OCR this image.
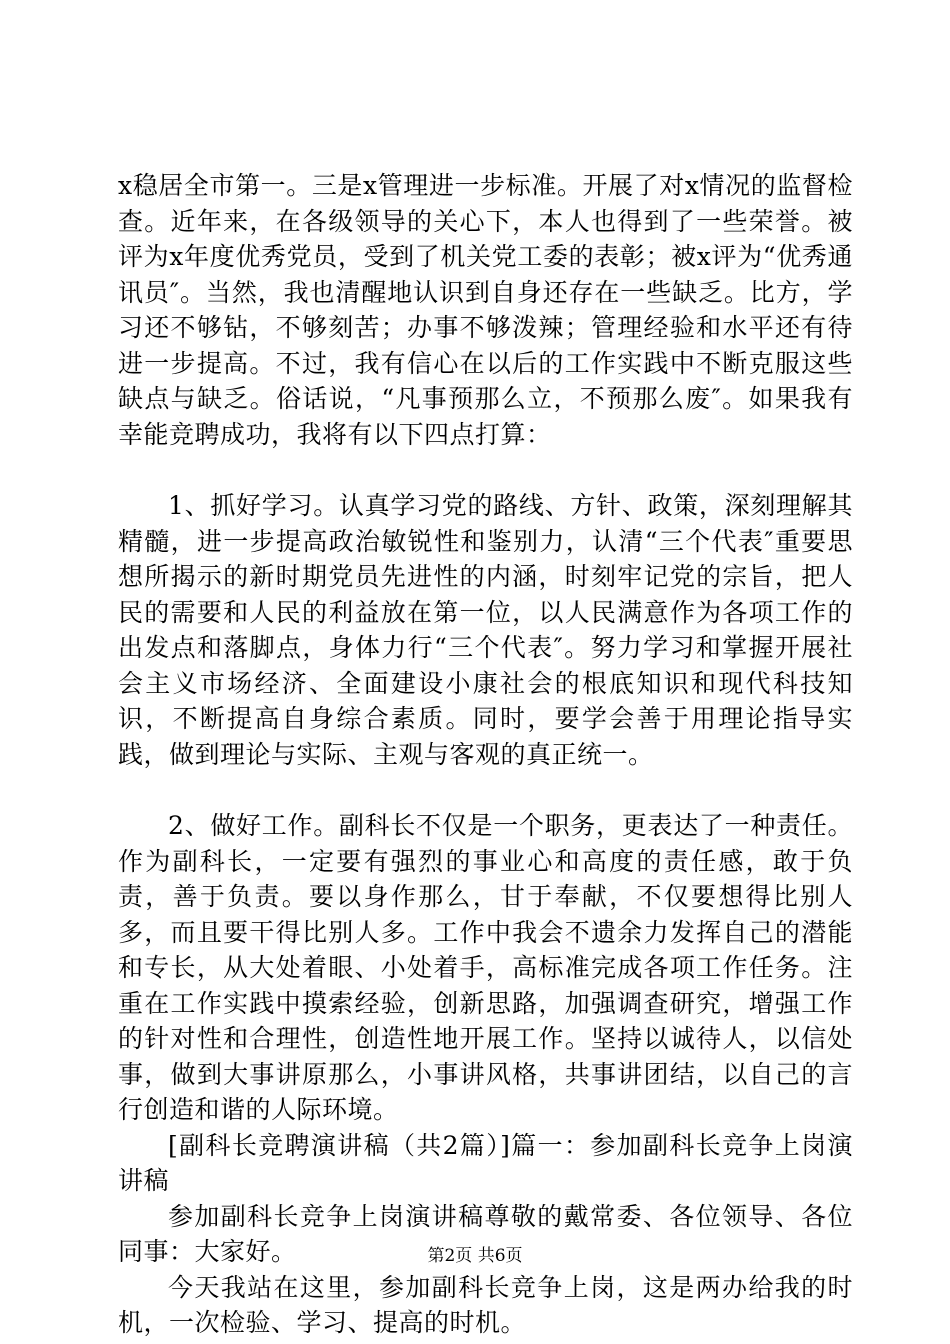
x稳居全市第一。三是x管理进一步标准。开展了对x情况的监督检查。近年来，在各级领导的关心下，本人也得到了一些荣誉。被评为x年度优秀党员，受到了机关党工委的表彰；被x评为“优秀通讯员″。当然，我也清醒地认识到自身还存在一些缺乏。比方，学习还不够钻，不够刻苦；办事不够泼辣；管理经验和水平还有待进一步提高。不过，我有信心在以后的工作实践中不断克服这些缺点与缺乏。俗话说，“凡事预那么立，不预那么废″。如果我有幸能竞聘成功，我将有以下四点打算：

1、抓好学习。认真学习党的路线、方针、政策，深刻理解其精髓，进一步提高政治敏锐性和鉴别力，认清“三个代表″重要思想所揭示的新时期党员先进性的内涵，时刻牢记党的宗旨，把人民的需要和人民的利益放在第一位，以人民满意作为各项工作的出发点和落脚点，身体力行“三个代表″。努力学习和掌握开展社会主义市场经济、全面建设小康社会的根底知识和现代科技知识，不断提高自身综合素质。同时，要学会善于用理论指导实践，做到理论与实际、主观与客观的真正统一。

2、做好工作。副科长不仅是一个职务，更表达了一种责任。作为副科长，一定要有强烈的事业心和高度的责任感，敢于负责，善于负责。要以身作那么，甘于奉献，不仅要想得比别人多，而且要干得比别人多。工作中我会不遗余力发挥自己的潜能和专长，从大处着眼、小处着手，高标准完成各项工作任务。注重在工作实践中摸索经验，创新思路，加强调查研究，增强工作的针对性和合理性，创造性地开展工作。坚持以诚待人，以信处事，做到大事讲原那么，小事讲风格，共事讲团结，以自己的言行创造和谐的人际环境。

[副科长竞聘演讲稿（共2篇）]篇一：参加副科长竞争上岗演讲稿

参加副科长竞争上岗演讲稿尊敬的戴常委、各位领导、各位同事：大家好。

今天我站在这里，参加副科长竞争上岗，这是两办给我的时机，一次检验、学习、提高的时机。

第2页 共6页
